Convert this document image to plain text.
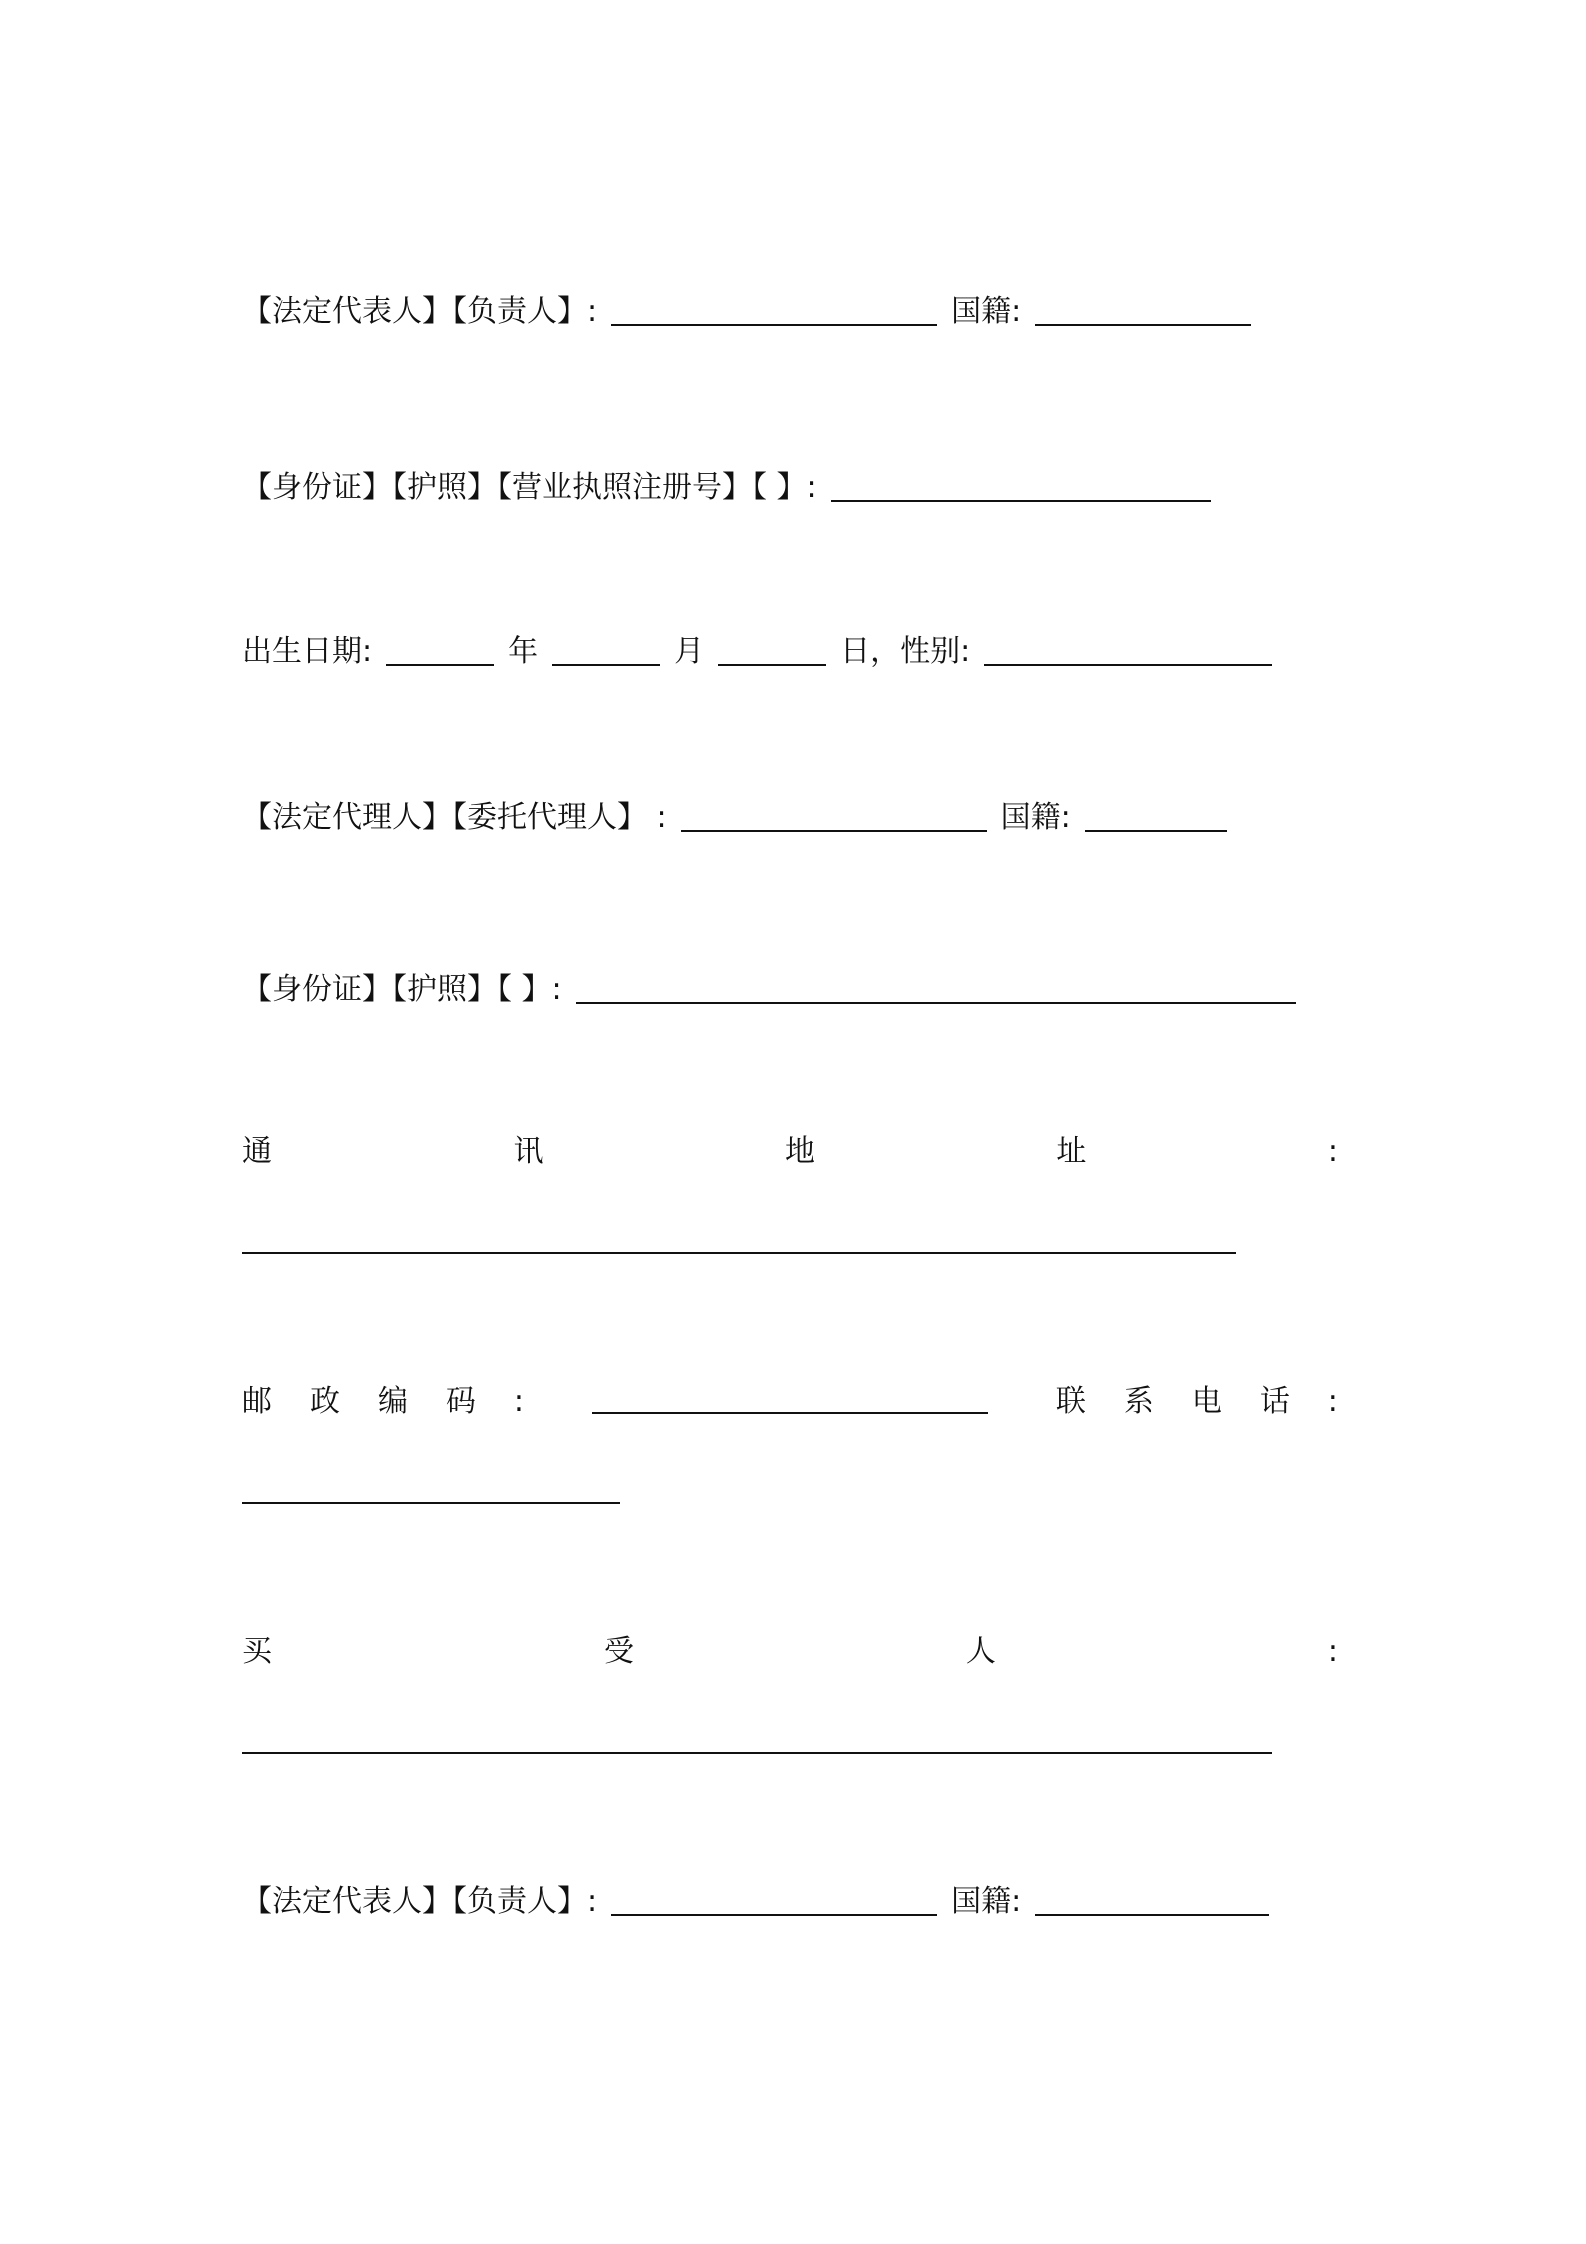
【法定代表人】【负责人】:	国籍:
【身份证】【护照】【营业执照注册号】【 】:
出生日期:	年	月	日，性别:
【法定代理人】【委托代理人】 :	国籍:
【身份证】【护照】【 】:
通	讯	地	址	:
邮 政 编 码 :	联 系 电 话 :
买	受	人	:
【法定代表人】【负责人】:	国籍:
